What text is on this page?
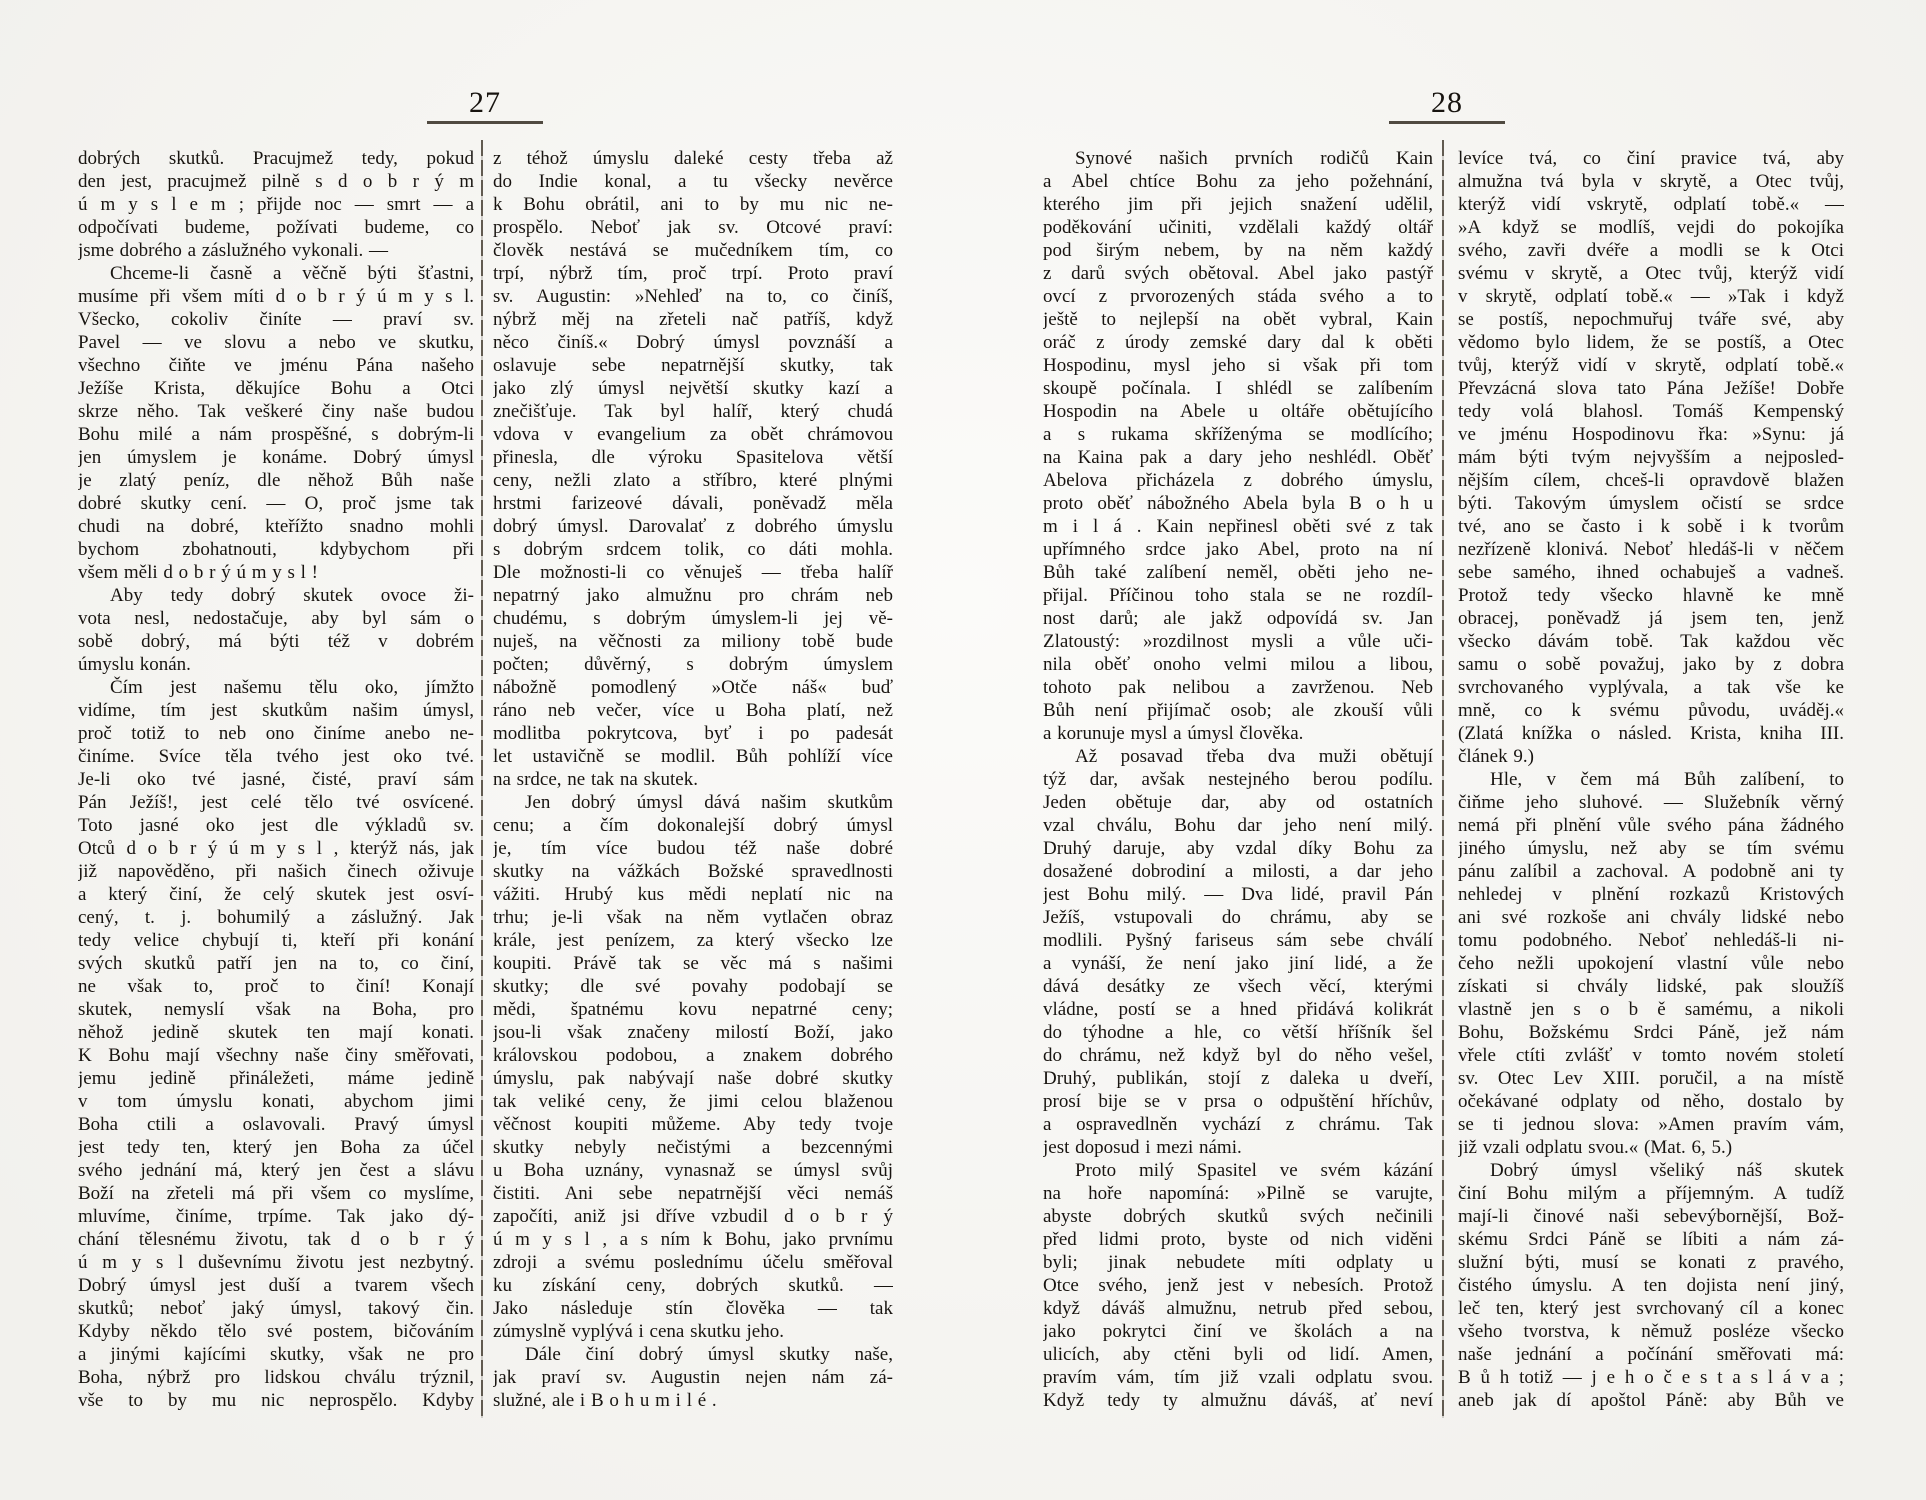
27	28
dobrých skutků. Pracujmež tedy, pokud
den jest, pracujmež pilně s d o b r ý m
ú m y s l e m ; přijde noc — smrt — a
odpočívati budeme, požívati budeme, co
jsme dobrého a záslužného vykonali. —
Chceme-li časně a věčně býti šťastni,
musíme při všem míti d o b r ý ú m y s l.
Všecko, cokoliv činíte — praví sv.
Pavel — ve slovu a nebo ve skutku,
všechno čiňte ve jménu Pána našeho
Ježíše Krista, děkujíce Bohu a Otci
skrze něho. Tak veškeré činy naše budou
Bohu milé a nám prospěšné, s dobrým-li
jen úmyslem je konáme. Dobrý úmysl
je zlatý peníz, dle něhož Bůh naše
dobré skutky cení. — O, proč jsme tak
chudi na dobré, kteřížto snadno mohli
bychom zbohatnouti, kdybychom při
všem měli d o b r ý ú m y s l !
Aby tedy dobrý skutek ovoce ži-
vota nesl, nedostačuje, aby byl sám o
sobě dobrý, má býti též v dobrém
úmyslu konán.
Čím jest našemu tělu oko, jímžto
vidíme, tím jest skutkům našim úmysl,
proč totiž to neb ono činíme anebo ne-
činíme. Svíce těla tvého jest oko tvé.
Je-li oko tvé jasné, čisté, praví sám
Pán Ježíš!, jest celé tělo tvé osvícené.
Toto jasné oko jest dle výkladů sv.
Otců d o b r ý ú m y s l , kterýž nás, jak
již napověděno, při našich činech oživuje
a který činí, že celý skutek jest osví-
cený, t. j. bohumilý a záslužný. Jak
tedy velice chybují ti, kteří při konání
svých skutků patří jen na to, co činí,
ne však to, proč to činí! Konají
skutek, nemyslí však na Boha, pro
něhož jedině skutek ten mají konati.
K Bohu mají všechny naše činy směřovati,
jemu jedině přináležeti, máme jedině
v tom úmyslu konati, abychom jimi
Boha ctili a oslavovali. Pravý úmysl
jest tedy ten, který jen Boha za účel
svého jednání má, který jen čest a slávu
Boží na zřeteli má při všem co myslíme,
mluvíme, činíme, trpíme. Tak jako dý-
chání tělesnému životu, tak d o b r ý
ú m y s l duševnímu životu jest nezbytný.
Dobrý úmysl jest duší a tvarem všech
skutků; neboť jaký úmysl, takový čin.
Kdyby někdo tělo své postem, bičováním
a jinými kajícími skutky, však ne pro
Boha, nýbrž pro lidskou chválu trýznil,
vše to by mu nic neprospělo. Kdyby
z téhož úmyslu daleké cesty třeba až
do Indie konal, a tu všecky nevěrce
k Bohu obrátil, ani to by mu nic ne-
prospělo. Neboť jak sv. Otcové praví:
člověk nestává se mučedníkem tím, co
trpí, nýbrž tím, proč trpí. Proto praví
sv. Augustin: »Nehleď na to, co činíš,
nýbrž měj na zřeteli nač patříš, když
něco činíš.« Dobrý úmysl povznáší a
oslavuje sebe nepatrnější skutky, tak
jako zlý úmysl největší skutky kazí a
znečišťuje. Tak byl halíř, který chudá
vdova v evangelium za obět chrámovou
přinesla, dle výroku Spasitelova větší
ceny, nežli zlato a stříbro, které plnými
hrstmi farizeové dávali, poněvadž měla
dobrý úmysl. Darovalať z dobrého úmyslu
s dobrým srdcem tolik, co dáti mohla.
Dle možnosti-li co věnuješ — třeba halíř
nepatrný jako almužnu pro chrám neb
chudému, s dobrým úmyslem-li jej vě-
nuješ, na věčnosti za miliony tobě bude
počten; důvěrný, s dobrým úmyslem
nábožně pomodlený »Otče náš« buď
ráno neb večer, více u Boha platí, než
modlitba pokrytcova, byť i po padesát
let ustavičně se modlil. Bůh pohlíží více
na srdce, ne tak na skutek.
Jen dobrý úmysl dává našim skutkům
cenu; a čím dokonalejší dobrý úmysl
je, tím více budou též naše dobré
skutky na vážkách Božské spravedlnosti
vážiti. Hrubý kus mědi neplatí nic na
trhu; je-li však na něm vytlačen obraz
krále, jest penízem, za který všecko lze
koupiti. Právě tak se věc má s našimi
skutky; dle své povahy podobají se
mědi, špatnému kovu nepatrné ceny;
jsou-li však značeny milostí Boží, jako
královskou podobou, a znakem dobrého
úmyslu, pak nabývají naše dobré skutky
tak veliké ceny, že jimi celou blaženou
věčnost koupiti můžeme. Aby tedy tvoje
skutky nebyly nečistými a bezcennými
u Boha uznány, vynasnaž se úmysl svůj
čistiti. Ani sebe nepatrnější věci nemáš
započíti, aniž jsi dříve vzbudil d o b r ý
ú m y s l , a s ním k Bohu, jako prvnímu
zdroji a svému poslednímu účelu směřoval
ku získání ceny, dobrých skutků. —
Jako následuje stín člověka — tak
zúmyslně vyplývá i cena skutku jeho.
Dále činí dobrý úmysl skutky naše,
jak praví sv. Augustin nejen nám zá-
služné, ale i B o h u m i l é .
Synové našich prvních rodičů Kain
a Abel chtíce Bohu za jeho požehnání,
kterého jim při jejich snažení udělil,
poděkování učiniti, vzdělali každý oltář
pod širým nebem, by na něm každý
z darů svých obětoval. Abel jako pastýř
ovcí z prvorozených stáda svého a to
ještě to nejlepší na obět vybral, Kain
oráč z úrody zemské dary dal k oběti
Hospodinu, mysl jeho si však při tom
skoupě počínala. I shlédl se zalíbením
Hospodin na Abele u oltáře obětujícího
a s rukama skříženýma se modlícího;
na Kaina pak a dary jeho neshlédl. Oběť
Abelova přicházela z dobrého úmyslu,
proto oběť nábožného Abela byla B o h u
m i l á . Kain nepřinesl oběti své z tak
upřímného srdce jako Abel, proto na ní
Bůh také zalíbení neměl, oběti jeho ne-
přijal. Příčinou toho stala se ne rozdíl-
nost darů; ale jakž odpovídá sv. Jan
Zlatoustý: »rozdilnost mysli a vůle uči-
nila oběť onoho velmi milou a libou,
tohoto pak nelibou a zavrženou. Neb
Bůh není přijímač osob; ale zkouší vůli
a korunuje mysl a úmysl člověka.
Až posavad třeba dva muži obětují
týž dar, avšak nestejného berou podílu.
Jeden obětuje dar, aby od ostatních
vzal chválu, Bohu dar jeho není milý.
Druhý daruje, aby vzdal díky Bohu za
dosažené dobrodiní a milosti, a dar jeho
jest Bohu milý. — Dva lidé, pravil Pán
Ježíš, vstupovali do chrámu, aby se
modlili. Pyšný fariseus sám sebe chválí
a vynáší, že není jako jiní lidé, a že
dává desátky ze všech věcí, kterými
vládne, postí se a hned přidává kolikrát
do týhodne a hle, co větší hříšník šel
do chrámu, než když byl do něho vešel,
Druhý, publikán, stojí z daleka u dveří,
prosí bije se v prsa o odpuštění hříchův,
a ospravedlněn vychází z chrámu. Tak
jest doposud i mezi námi.
Proto milý Spasitel ve svém kázání
na hoře napomíná: »Pilně se varujte,
abyste dobrých skutků svých nečinili
před lidmi proto, byste od nich viděni
byli; jinak nebudete míti odplaty u
Otce svého, jenž jest v nebesích. Protož
když dáváš almužnu, netrub před sebou,
jako pokrytci činí ve školách a na
ulicích, aby ctěni byli od lidí. Amen,
pravím vám, tím již vzali odplatu svou.
Když tedy ty almužnu dáváš, ať neví
levíce tvá, co činí pravice tvá, aby
almužna tvá byla v skrytě, a Otec tvůj,
kterýž vidí vskrytě, odplatí tobě.« —
»A když se modlíš, vejdi do pokojíka
svého, zavři dvéře a modli se k Otci
svému v skrytě, a Otec tvůj, kterýž vidí
v skrytě, odplatí tobě.« — »Tak i když
se postíš, nepochmuřuj tváře své, aby
vědomo bylo lidem, že se postíš, a Otec
tvůj, kterýž vidí v skrytě, odplatí tobě.«
Převzácná slova tato Pána Ježíše! Dobře
tedy volá blahosl. Tomáš Kempenský
ve jménu Hospodinovu řka: »Synu: já
mám býti tvým nejvyšším a nejposled-
nějším cílem, chceš-li opravdově blažen
býti. Takovým úmyslem očistí se srdce
tvé, ano se často i k sobě i k tvorům
nezřízeně klonivá. Neboť hledáš-li v něčem
sebe samého, ihned ochabuješ a vadneš.
Protož tedy všecko hlavně ke mně
obracej, poněvadž já jsem ten, jenž
všecko dávám tobě. Tak každou věc
samu o sobě považuj, jako by z dobra
svrchovaného vyplývala, a tak vše ke
mně, co k svému původu, uváděj.«
(Zlatá knížka o násled. Krista, kniha III.
článek 9.)
Hle, v čem má Bůh zalíbení, to
čiňme jeho sluhové. — Služebník věrný
nemá při plnění vůle svého pána žádného
jiného úmyslu, než aby se tím svému
pánu zalíbil a zachoval. A podobně ani ty
nehledej v plnění rozkazů Kristových
ani své rozkoše ani chvály lidské nebo
tomu podobného. Neboť nehledáš-li ni-
čeho nežli upokojení vlastní vůle nebo
získati si chvály lidské, pak sloužíš
vlastně jen s o b ě samému, a nikoli
Bohu, Božskému Srdci Páně, jež nám
vřele ctíti zvlášť v tomto novém století
sv. Otec Lev XIII. poručil, a na místě
očekávané odplaty od něho, dostalo by
se ti jednou slova: »Amen pravím vám,
již vzali odplatu svou.« (Mat. 6, 5.)
Dobrý úmysl všeliký náš skutek
činí Bohu milým a příjemným. A tudíž
mají-li činové naši sebevýbornější, Bož-
skému Srdci Páně se líbiti a nám zá-
služní býti, musí se konati z pravého,
čistého úmyslu. A ten dojista není jiný,
leč ten, který jest svrchovaný cíl a konec
všeho tvorstva, k němuž posléze všecko
naše jednání a počínání směřovati má:
B ů h totiž — j e h o č e s t a s l á v a ;
aneb jak dí apoštol Páně: aby Bůh ve
